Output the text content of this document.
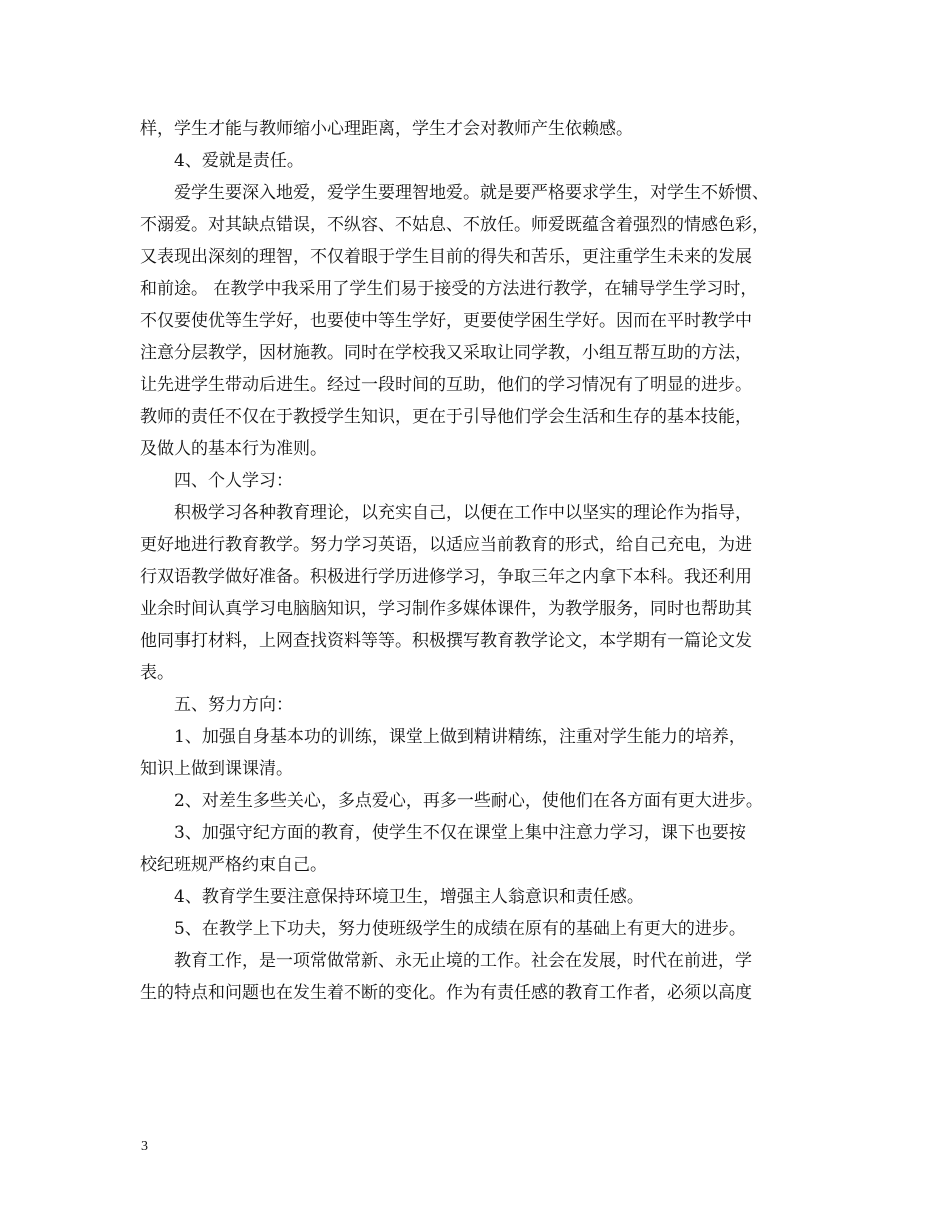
样，学生才能与教师缩小心理距离，学生才会对教师产生依赖感。
4、爱就是责任。
爱学生要深入地爱，爱学生要理智地爱。就是要严格要求学生，对学生不娇惯、
不溺爱。对其缺点错误，不纵容、不姑息、不放任。师爱既蕴含着强烈的情感色彩，
又表现出深刻的理智，不仅着眼于学生目前的得失和苦乐，更注重学生未来的发展
和前途。 在教学中我采用了学生们易于接受的方法进行教学，在辅导学生学习时，
不仅要使优等生学好，也要使中等生学好，更要使学困生学好。因而在平时教学中
注意分层教学，因材施教。同时在学校我又采取让同学教，小组互帮互助的方法，
让先进学生带动后进生。经过一段时间的互助，他们的学习情况有了明显的进步。
教师的责任不仅在于教授学生知识，更在于引导他们学会生活和生存的基本技能，
及做人的基本行为准则。
四、个人学习：
积极学习各种教育理论，以充实自己，以便在工作中以坚实的理论作为指导，
更好地进行教育教学。努力学习英语，以适应当前教育的形式，给自己充电，为进
行双语教学做好准备。积极进行学历进修学习，争取三年之内拿下本科。我还利用
业余时间认真学习电脑脑知识，学习制作多媒体课件，为教学服务，同时也帮助其
他同事打材料，上网查找资料等等。积极撰写教育教学论文，本学期有一篇论文发
表。
五、努力方向：
1、加强自身基本功的训练，课堂上做到精讲精练，注重对学生能力的培养，
知识上做到课课清。
2、对差生多些关心，多点爱心，再多一些耐心，使他们在各方面有更大进步。
3、加强守纪方面的教育，使学生不仅在课堂上集中注意力学习，课下也要按
校纪班规严格约束自己。
4、教育学生要注意保持环境卫生，增强主人翁意识和责任感。
5、在教学上下功夫，努力使班级学生的成绩在原有的基础上有更大的进步。
教育工作，是一项常做常新、永无止境的工作。社会在发展，时代在前进，学
生的特点和问题也在发生着不断的变化。作为有责任感的教育工作者，必须以高度
3
